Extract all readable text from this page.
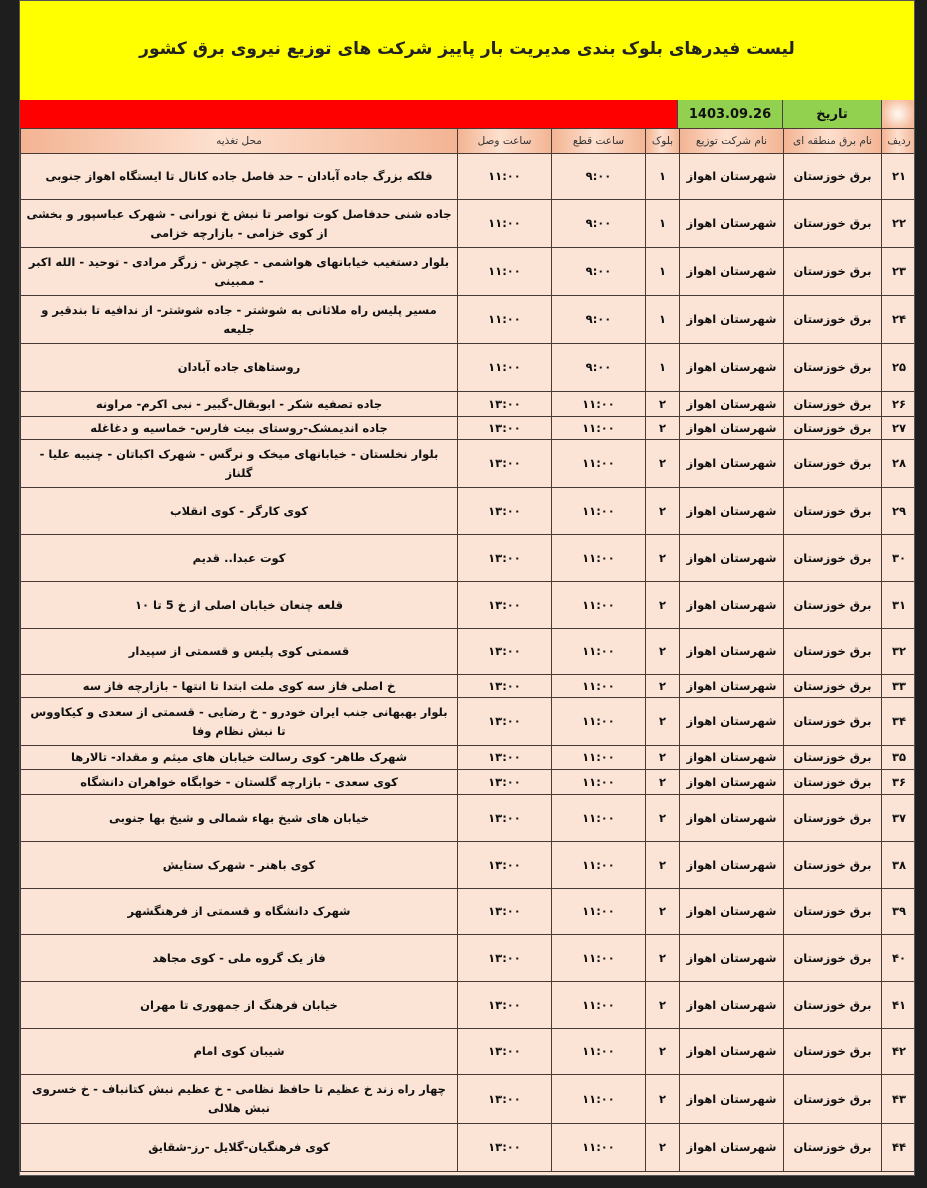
لیست فیدرهای بلوک بندی مدیریت بار پاییز شرکت های توزیع نیروی برق کشور
1403.09.26	تاریخ
ردیف	نام برق منطقه ای	نام شرکت توزیع	بلوک	ساعت قطع	ساعت وصل	محل تغذیه
۲۱	برق خوزستان	شهرستان اهواز	۱	۹:۰۰	۱۱:۰۰	فلکه بزرگ جاده آبادان – حد فاصل جاده کانال تا ایستگاه اهواز جنوبی
۲۲	برق خوزستان	شهرستان اهواز	۱	۹:۰۰	۱۱:۰۰	جاده شنی حدفاصل کوت نواصر تا نبش خ نورانی - شهرک عباسپور و بخشی از کوی خزامی - بازارچه خزامی
۲۳	برق خوزستان	شهرستان اهواز	۱	۹:۰۰	۱۱:۰۰	بلوار دستغیب خیابانهای هواشمی - عچرش - زرگر مرادی - توحید - الله اکبر - ممبینی
۲۴	برق خوزستان	شهرستان اهواز	۱	۹:۰۰	۱۱:۰۰	مسیر پلیس راه ملاثانی به شوشتر - جاده شوشتر- از ندافیه تا بندقیر و جلیعه
۲۵	برق خوزستان	شهرستان اهواز	۱	۹:۰۰	۱۱:۰۰	روستاهای جاده آبادان
۲۶	برق خوزستان	شهرستان اهواز	۲	۱۱:۰۰	۱۳:۰۰	جاده تصفیه شکر - ابوبقال-گبیر - نبی اکرم- مراونه
۲۷	برق خوزستان	شهرستان اهواز	۲	۱۱:۰۰	۱۳:۰۰	جاده اندیمشک-روستای بیت فارس- خماسیه و دغاغله
۲۸	برق خوزستان	شهرستان اهواز	۲	۱۱:۰۰	۱۳:۰۰	بلوار نخلستان - خیابانهای میخک و نرگس - شهرک اکباتان - چنیبه علیا - گلناز
۲۹	برق خوزستان	شهرستان اهواز	۲	۱۱:۰۰	۱۳:۰۰	کوی کارگر - کوی انقلاب
۳۰	برق خوزستان	شهرستان اهواز	۲	۱۱:۰۰	۱۳:۰۰	کوت عبدا.. قدیم
۳۱	برق خوزستان	شهرستان اهواز	۲	۱۱:۰۰	۱۳:۰۰	قلعه چنعان خیابان اصلی از خ 5 تا ۱۰
۳۲	برق خوزستان	شهرستان اهواز	۲	۱۱:۰۰	۱۳:۰۰	قسمتی کوی پلیس و قسمتی از سپیدار
۳۳	برق خوزستان	شهرستان اهواز	۲	۱۱:۰۰	۱۳:۰۰	خ اصلی فاز سه کوی ملت ابتدا تا انتها - بازارچه فاز سه
۳۴	برق خوزستان	شهرستان اهواز	۲	۱۱:۰۰	۱۳:۰۰	بلوار بهبهانی جنب ایران خودرو - خ رضایی - قسمتی از سعدی و کیکاووس تا نبش نظام وفا
۳۵	برق خوزستان	شهرستان اهواز	۲	۱۱:۰۰	۱۳:۰۰	شهرک طاهر- کوی رسالت خیابان های میثم و مقداد- تالارها
۳۶	برق خوزستان	شهرستان اهواز	۲	۱۱:۰۰	۱۳:۰۰	کوی سعدی - بازارچه گلستان - خوابگاه خواهران دانشگاه
۳۷	برق خوزستان	شهرستان اهواز	۲	۱۱:۰۰	۱۳:۰۰	خیابان های شیخ بهاء شمالی و شیخ بها جنوبی
۳۸	برق خوزستان	شهرستان اهواز	۲	۱۱:۰۰	۱۳:۰۰	کوی باهنر - شهرک ستایش
۳۹	برق خوزستان	شهرستان اهواز	۲	۱۱:۰۰	۱۳:۰۰	شهرک دانشگاه و قسمتی از فرهنگشهر
۴۰	برق خوزستان	شهرستان اهواز	۲	۱۱:۰۰	۱۳:۰۰	فاز یک گروه ملی - کوی مجاهد
۴۱	برق خوزستان	شهرستان اهواز	۲	۱۱:۰۰	۱۳:۰۰	خیابان فرهنگ از جمهوری تا مهران
۴۲	برق خوزستان	شهرستان اهواز	۲	۱۱:۰۰	۱۳:۰۰	شیبان کوی امام
۴۳	برق خوزستان	شهرستان اهواز	۲	۱۱:۰۰	۱۳:۰۰	چهار راه زند خ عظیم تا حافظ نظامی - خ عظیم نبش کتانباف - خ خسروی نبش هلالی
۴۴	برق خوزستان	شهرستان اهواز	۲	۱۱:۰۰	۱۳:۰۰	کوی فرهنگیان-گلایل -رز-شقایق
